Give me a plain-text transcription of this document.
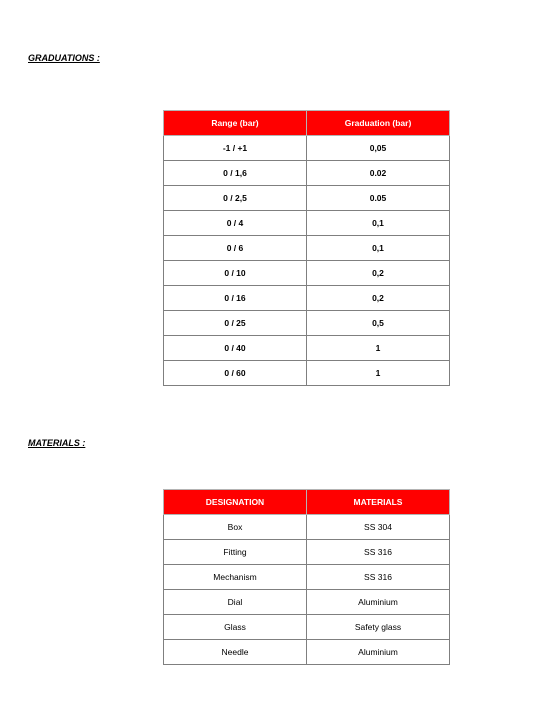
GRADUATIONS :
Range (bar)	Graduation (bar)
-1 / +1	0,05
0 / 1,6	0.02
0 / 2,5	0.05
0 / 4	0,1
0 / 6	0,1
0 / 10	0,2
0 / 16	0,2
0 / 25	0,5
0 / 40	1
0 / 60	1
MATERIALS :
DESIGNATION	MATERIALS
Box	SS 304
Fitting	SS 316
Mechanism	SS 316
Dial	Aluminium
Glass	Safety glass
Needle	Aluminium
